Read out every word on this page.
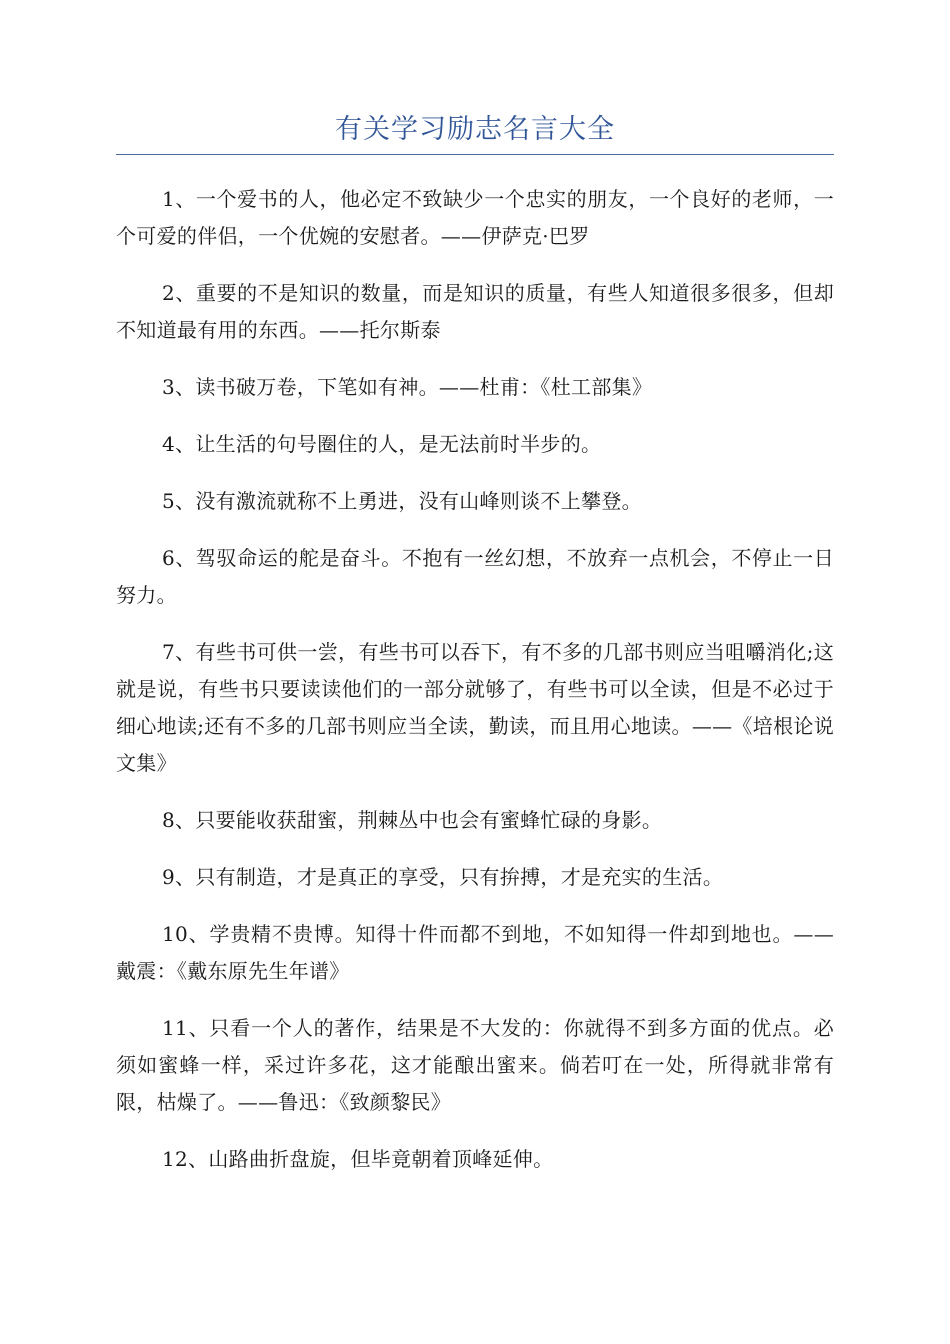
有关学习励志名言大全

1、一个爱书的人，他必定不致缺少一个忠实的朋友，一个良好的老师，一个可爱的伴侣，一个优婉的安慰者。——伊萨克·巴罗

2、重要的不是知识的数量，而是知识的质量，有些人知道很多很多，但却不知道最有用的东西。——托尔斯泰

3、读书破万卷，下笔如有神。——杜甫：《杜工部集》

4、让生活的句号圈住的人，是无法前时半步的。

5、没有激流就称不上勇进，没有山峰则谈不上攀登。

6、驾驭命运的舵是奋斗。不抱有一丝幻想，不放弃一点机会，不停止一日努力。

7、有些书可供一尝，有些书可以吞下，有不多的几部书则应当咀嚼消化;这就是说，有些书只要读读他们的一部分就够了，有些书可以全读，但是不必过于细心地读;还有不多的几部书则应当全读，勤读，而且用心地读。——《培根论说文集》

8、只要能收获甜蜜，荆棘丛中也会有蜜蜂忙碌的身影。

9、只有制造，才是真正的享受，只有拚搏，才是充实的生活。

10、学贵精不贵博。知得十件而都不到地，不如知得一件却到地也。——戴震：《戴东原先生年谱》

11、只看一个人的著作，结果是不大发的：你就得不到多方面的优点。必须如蜜蜂一样，采过许多花，这才能酿出蜜来。倘若叮在一处，所得就非常有限，枯燥了。——鲁迅：《致颜黎民》

12、山路曲折盘旋，但毕竟朝着顶峰延伸。
